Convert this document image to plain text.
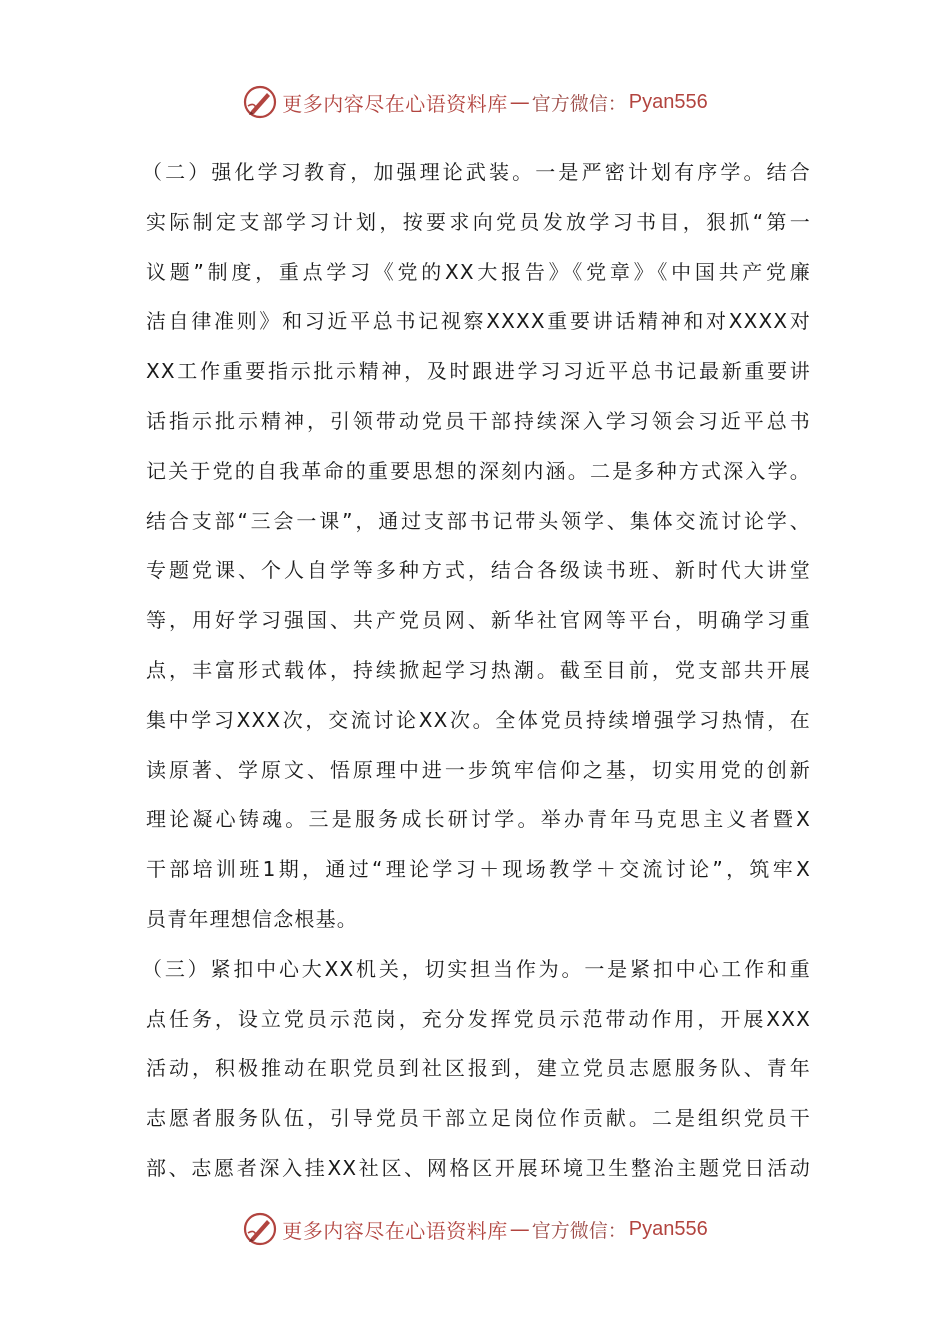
更多内容尽在心语资料库 — 官方微信： Pyan556
（二）强化学习教育，加强理论武装。一是严密计划有序学。结合
实际制定支部学习计划，按要求向党员发放学习书目，狠抓“第一
议题”制度，重点学习《党的XX大报告》《党章》《中国共产党廉
洁自律准则》和习近平总书记视察XXXX重要讲话精神和对XXXX对
XX工作重要指示批示精神，及时跟进学习习近平总书记最新重要讲
话指示批示精神，引领带动党员干部持续深入学习领会习近平总书
记关于党的自我革命的重要思想的深刻内涵。二是多种方式深入学。
结合支部“三会一课”，通过支部书记带头领学、集体交流讨论学、
专题党课、个人自学等多种方式，结合各级读书班、新时代大讲堂
等，用好学习强国、共产党员网、新华社官网等平台，明确学习重
点，丰富形式载体，持续掀起学习热潮。截至目前，党支部共开展
集中学习XXX次，交流讨论XX次。全体党员持续增强学习热情，在
读原著、学原文、悟原理中进一步筑牢信仰之基，切实用党的创新
理论凝心铸魂。三是服务成长研讨学。举办青年马克思主义者暨X
干部培训班1期，通过“理论学习＋现场教学＋交流讨论”，筑牢X
员青年理想信念根基。
（三）紧扣中心大XX机关，切实担当作为。一是紧扣中心工作和重
点任务，设立党员示范岗，充分发挥党员示范带动作用，开展XXX
活动，积极推动在职党员到社区报到，建立党员志愿服务队、青年
志愿者服务队伍，引导党员干部立足岗位作贡献。二是组织党员干
部、志愿者深入挂XX社区、网格区开展环境卫生整治主题党日活动
更多内容尽在心语资料库 — 官方微信： Pyan556
